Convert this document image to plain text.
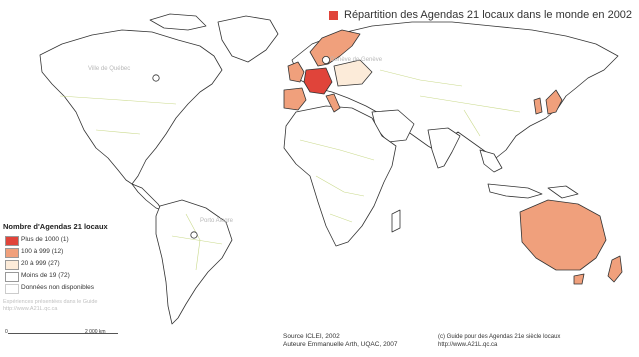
Répartition des Agendas 21 locaux dans le monde en 2002
Ville de Québec
Genève de Genève
Porto Alegre
Nombre d'Agendas 21 locaux
Plus de 1000 (1)
100 à 999 (12)
20 à 999 (27)
Moins de 19 (72)
Données non disponibles
Expériences présentées dans le Guide
http://www.A21L.qc.ca
0	2 000 km
Source ICLEI, 2002
Auteure Emmanuelle Arth, UQAC, 2007
(c) Guide pour des Agendas 21e siècle locaux
http://www.A21L.qc.ca
